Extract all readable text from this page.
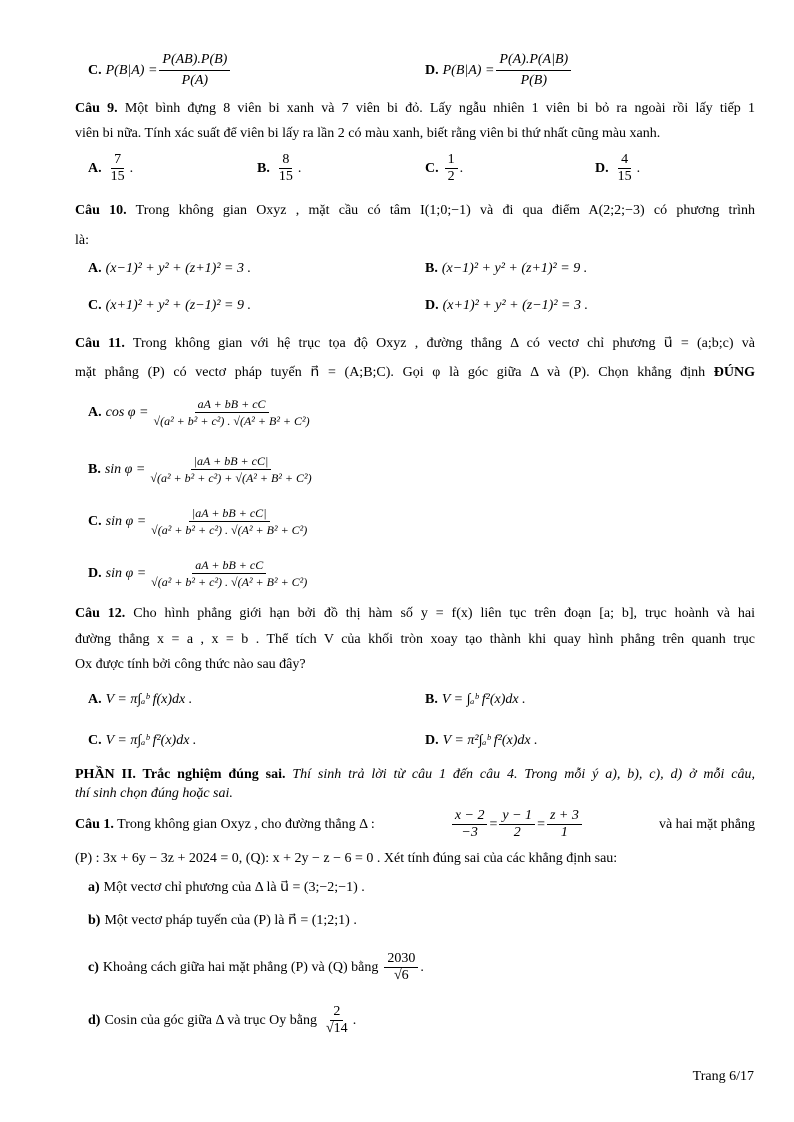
C. $P(B|A) = \frac{P(AB).P(B)}{P(A)}$	D. $P(B|A) = \frac{P(A).P(A|B)}{P(B)}$
Câu 9. Một bình đựng 8 viên bi xanh và 7 viên bi đỏ. Lấy ngẫu nhiên 1 viên bi bỏ ra ngoài rồi lấy tiếp 1
viên bi nữa. Tính xác suất để viên bi lấy ra lần 2 có màu xanh, biết rằng viên bi thứ nhất cũng màu xanh.
A. $\frac{7}{15}$ .	B. $\frac{8}{15}$ .	C. $\frac{1}{2}$ .	D. $\frac{4}{15}$ .
Câu 10. Trong không gian Oxyz , mặt cầu có tâm I(1;0;−1) và đi qua điểm A(2;2;−3) có phương trình
là:
A. (x−1)² + y² + (z+1)² = 3 .	B. (x−1)² + y² + (z+1)² = 9 .
C. (x+1)² + y² + (z−1)² = 9 .	D. (x+1)² + y² + (z−1)² = 3 .
Câu 11. Trong không gian với hệ trục tọa độ Oxyz , đường thẳng Δ có vectơ chỉ phương u⃗ = (a;b;c) và
mặt phẳng (P) có vectơ pháp tuyến n⃗ = (A;B;C). Gọi φ là góc giữa Δ và (P). Chọn khẳng định ĐÚNG
A. $\cos \varphi = \frac{aA + bB + cC}{\text{√(a² + b² + c²) . √(A² + B² + C²)}}$
B. $\sin \varphi = \frac{|aA + bB + cC|}{\text{√(a² + b² + c²) + √(A² + B² + C²)}}$
C. $\sin \varphi = \frac{|aA + bB + cC|}{\text{√(a² + b² + c²) . √(A² + B² + C²)}}$
D. $\sin \varphi = \frac{aA + bB + cC}{\text{√(a² + b² + c²) . √(A² + B² + C²)}}$
Câu 12. Cho hình phẳng giới hạn bởi đồ thị hàm số y = f(x) liên tục trên đoạn [a; b], trục hoành và hai
đường thẳng x = a , x = b . Thể tích V của khối tròn xoay tạo thành khi quay hình phẳng trên quanh trục
Ox được tính bởi công thức nào sau đây?
A. V = π∫ₐᵇ f(x)dx .	B. V = ∫ₐᵇ f²(x)dx .
C. V = π∫ₐᵇ f²(x)dx .	D. V = π²∫ₐᵇ f²(x)dx .
PHẦN II. Trắc nghiệm đúng sai. Thí sinh trả lời từ câu 1 đến câu 4. Trong mỗi ý a), b), c), d) ở mỗi câu,
thí sinh chọn đúng hoặc sai.
Câu 1. Trong không gian Oxyz , cho đường thẳng Δ :	$\frac{x - 2}{-3} = \frac{y - 1}{2} = \frac{z + 3}{1}$	và hai mặt phẳng
(P) : 3x + 6y − 3z + 2024 = 0, (Q): x + 2y − z − 6 = 0 . Xét tính đúng sai của các khẳng định sau:
a) Một vectơ chỉ phương của Δ là u⃗ = (3;−2;−1) .
b) Một vectơ pháp tuyến của (P) là n⃗ = (1;2;1) .
c) Khoảng cách giữa hai mặt phẳng (P) và (Q) bằng $\frac{2030}{√6}$ .
d) Cosin của góc giữa Δ và trục Oy bằng $\frac{2}{√14}$ .
Trang 6/17
